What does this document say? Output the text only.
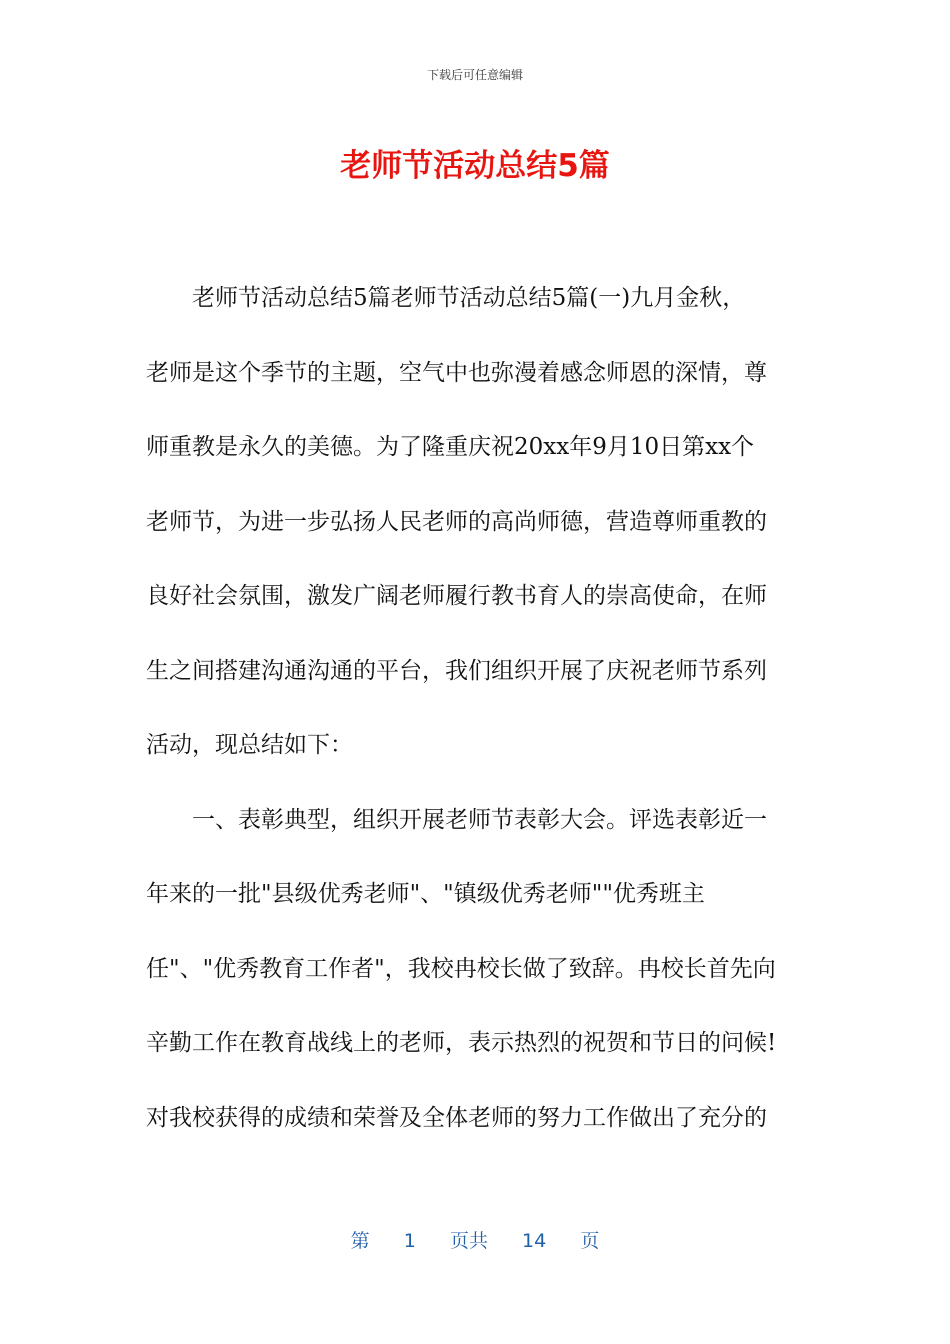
下载后可任意编辑
老师节活动总结5篇
老师节活动总结5篇老师节活动总结5篇(一)九月金秋，
老师是这个季节的主题，空气中也弥漫着感念师恩的深情，尊
师重教是永久的美德。为了隆重庆祝20xx年9月10日第xx个
老师节，为进一步弘扬人民老师的高尚师德，营造尊师重教的
良好社会氛围，激发广阔老师履行教书育人的崇高使命，在师
生之间搭建沟通沟通的平台，我们组织开展了庆祝老师节系列
活动，现总结如下：
一、表彰典型，组织开展老师节表彰大会。评选表彰近一
年来的一批"县级优秀老师"、"镇级优秀老师""优秀班主
任"、"优秀教育工作者"，我校冉校长做了致辞。冉校长首先向
辛勤工作在教育战线上的老师，表示热烈的祝贺和节日的问候!
对我校获得的成绩和荣誉及全体老师的努力工作做出了充分的
第 1 页共 14 页
